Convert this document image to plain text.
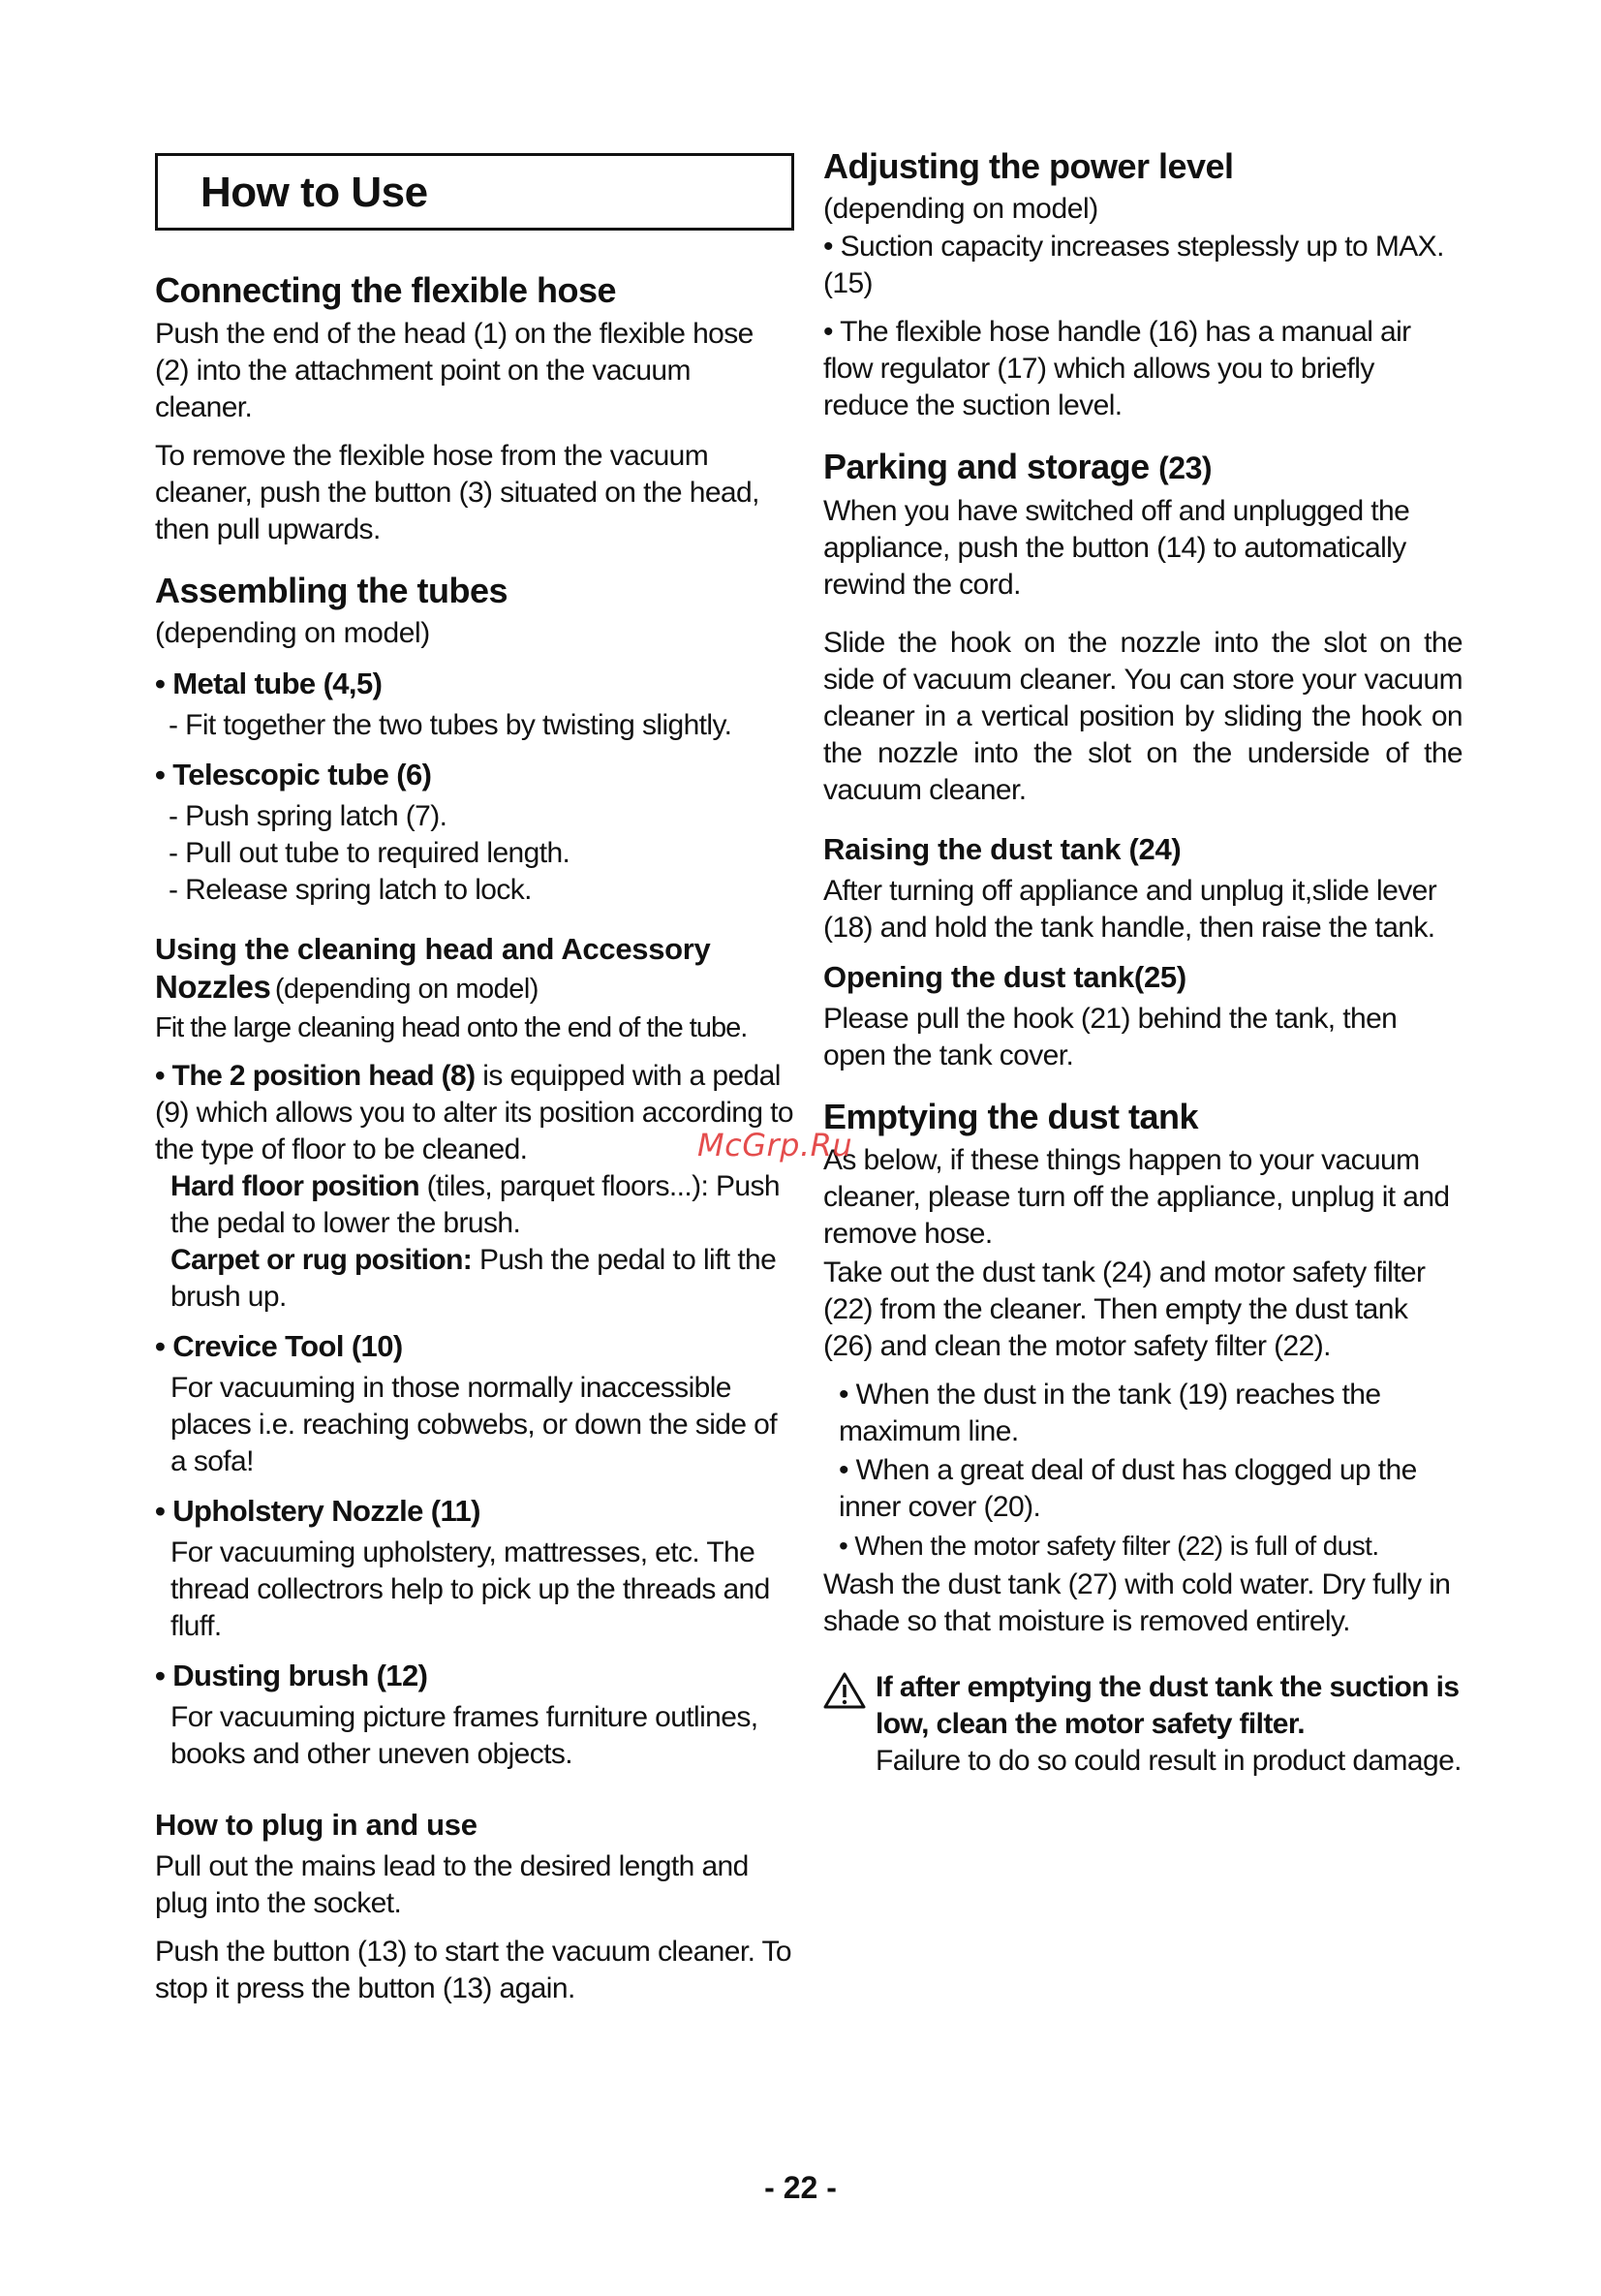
How to Use
Connecting the flexible hose

Push the end of the head (1) on the flexible hose (2) into the attachment point on the vacuum cleaner.

To remove the flexible hose from the vacuum cleaner, push the button (3) situated on the head, then pull upwards.

Assembling the tubes
(depending on model)
• Metal tube (4,5)
- Fit together the two tubes by twisting slightly.
• Telescopic tube (6)
- Push spring latch (7).
- Pull out tube to required length.
- Release spring latch to lock.
Using the cleaning head and Accessory
Nozzles (depending on model)

Fit the large cleaning head onto the end of the tube.

• The 2 position head (8) is equipped with a pedal (9) which allows you to alter its position according to the type of floor to be cleaned.
Hard floor position (tiles, parquet floors...): Push the pedal to lower the brush.
Carpet or rug position: Push the pedal to lift the brush up.
• Crevice Tool (10)

For vacuuming in those normally inaccessible places i.e. reaching cobwebs, or down the side of a sofa!

• Upholstery Nozzle (11)

For vacuuming upholstery, mattresses, etc. The thread collectrors help to pick up the threads and fluff.

• Dusting brush (12)

For vacuuming picture frames furniture outlines, books and other uneven objects.

How to plug in and use

Pull out the mains lead to the desired length and plug into the socket.

Push the button (13) to start the vacuum cleaner. To stop it press the button (13) again.

Adjusting the power level
(depending on model)

• Suction capacity increases steplessly up to MAX.(15)

• The flexible hose handle (16) has a manual air flow regulator (17) which allows you to briefly reduce the suction level.

Parking and storage (23)

When you have switched off and unplugged the appliance, push the button (14) to automatically rewind the cord.

Slide the hook on the nozzle into the slot on the side of vacuum cleaner. You can store your vacuum cleaner in a vertical position by sliding the hook on the nozzle into the slot on the underside of the vacuum cleaner.

Raising the dust tank (24)

After turning off appliance and unplug it,slide lever (18) and hold the tank handle, then raise the tank.

Opening the dust tank(25)

Please pull the hook (21) behind the tank, then open the tank cover.

Emptying the dust tank

As below, if these things happen to your vacuum cleaner, please turn off the appliance, unplug it and remove hose.

Take out the dust tank (24) and motor safety filter (22) from the cleaner. Then empty the dust tank (26) and clean the motor safety filter (22).

• When the dust in the tank (19) reaches the maximum line.

• When a great deal of dust has clogged up the inner cover (20).

• When the motor safety filter (22) is full of dust.

Wash the dust tank (27) with cold water. Dry fully in shade so that moisture is removed entirely.

If after emptying the dust tank the suction is low, clean the motor safety filter.
Failure to do so could result in product damage.
McGrp.Ru
- 22 -
